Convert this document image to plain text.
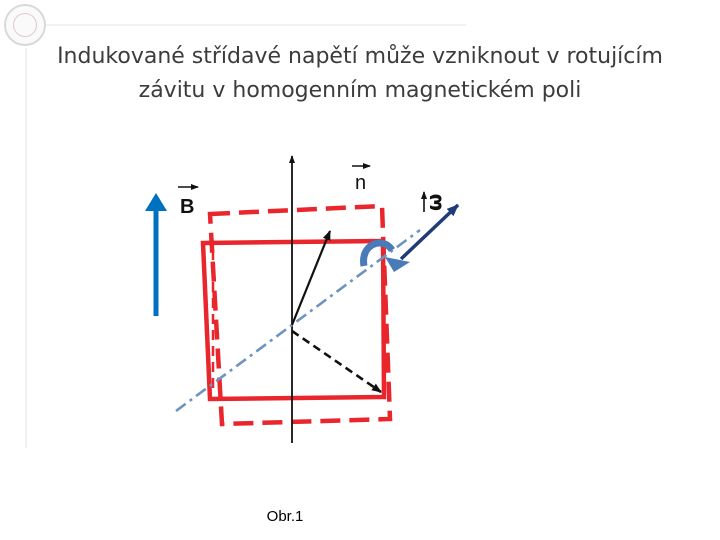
Indukované střídavé napětí může vzniknout v rotujícím
závitu v homogenním magnetickém poli
B
n
ω
Obr.1
